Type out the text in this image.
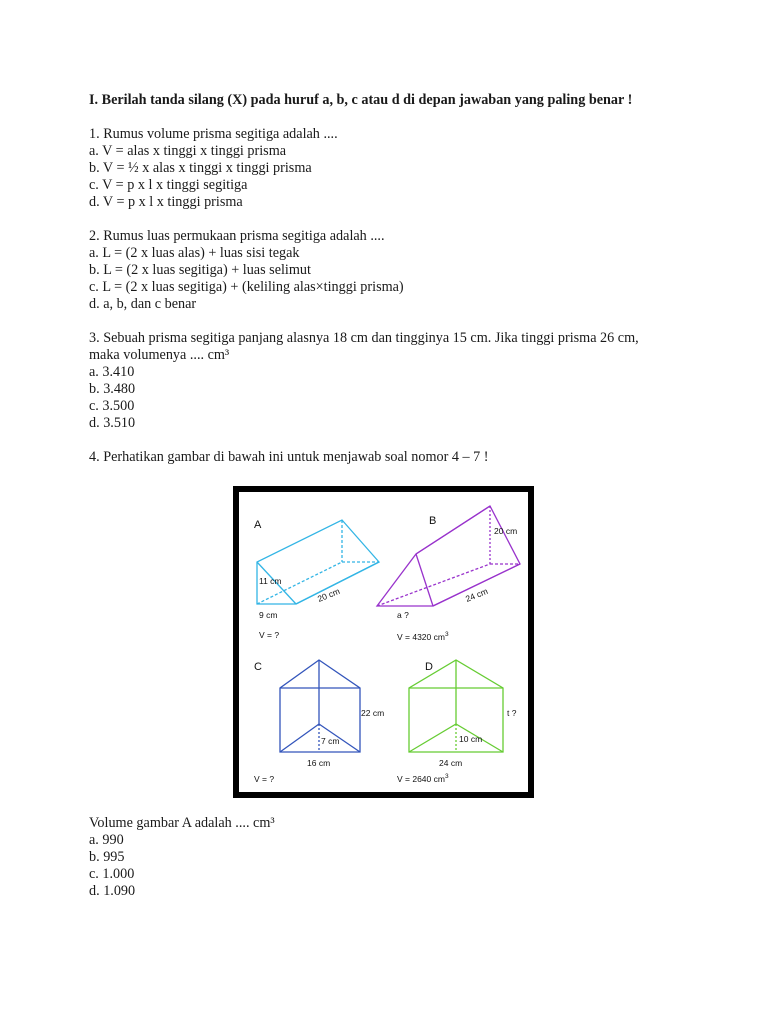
I. Berilah tanda silang (X) pada huruf a, b, c atau d di depan jawaban yang paling benar !

1. Rumus volume prisma segitiga adalah ....

a. V = alas x tinggi x tinggi prisma

b. V = ½ x alas x tinggi x tinggi prisma

c. V = p x l x tinggi segitiga

d. V = p x l x tinggi prisma

2. Rumus luas permukaan prisma segitiga adalah ....

a. L = (2 x luas alas) + luas sisi tegak

b. L = (2 x luas segitiga) + luas selimut

c. L = (2 x luas segitiga) + (keliling alas×tinggi prisma)

d. a, b, dan c benar

3. Sebuah prisma segitiga panjang alasnya 18 cm dan tingginya 15 cm. Jika tinggi prisma 26 cm,

maka volumenya .... cm³

a. 3.410

b. 3.480

c. 3.500

d. 3.510

4. Perhatikan gambar di bawah ini untuk menjawab soal nomor 4 – 7 !

A
11 cm
20 cm
9 cm
V = ?
B
20 cm
24 cm
a ?
V = 4320 $cm^3$
C
22 cm
7 cm
16 cm
V = ?
D
t ?
10 cm
24 cm
V = 2640 $cm^3$

Volume gambar A adalah .... cm³

a. 990

b. 995

c. 1.000

d. 1.090
